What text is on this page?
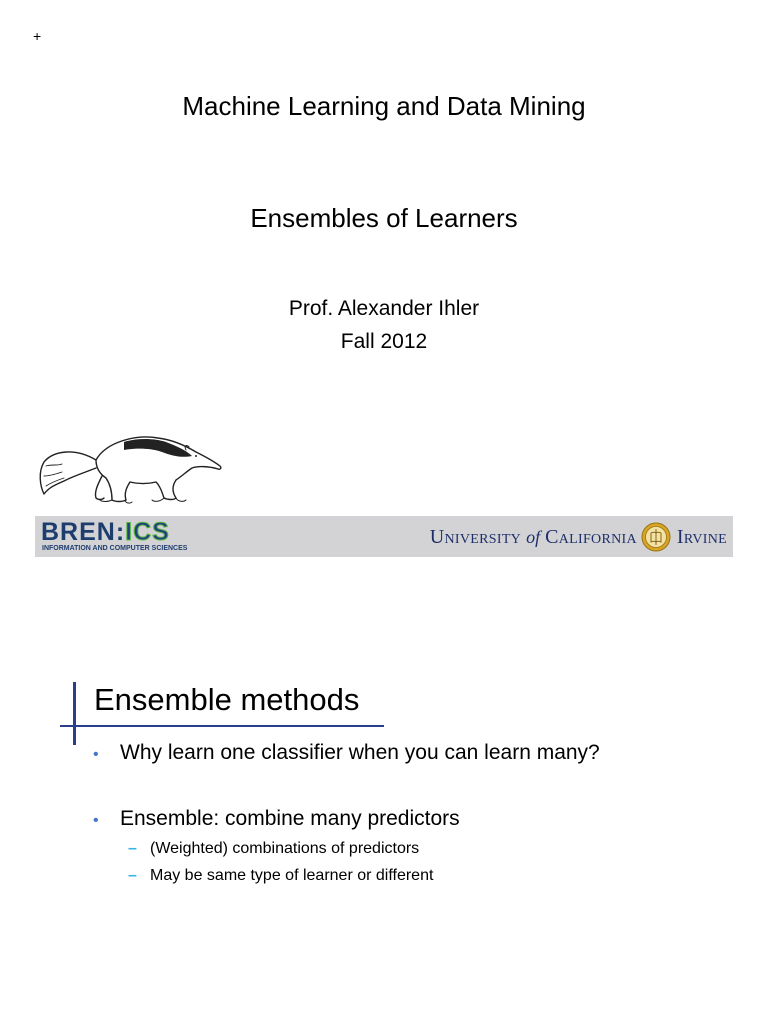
+
Machine Learning and Data Mining
Ensembles of Learners
Prof. Alexander Ihler
Fall 2012
BREN:ICS
INFORMATION AND COMPUTER SCIENCES
University of California Irvine
Ensemble methods
•	Why learn one classifier when you can learn many?
•	Ensemble: combine many predictors
– (Weighted) combinations of predictors
– May be same type of learner or different
